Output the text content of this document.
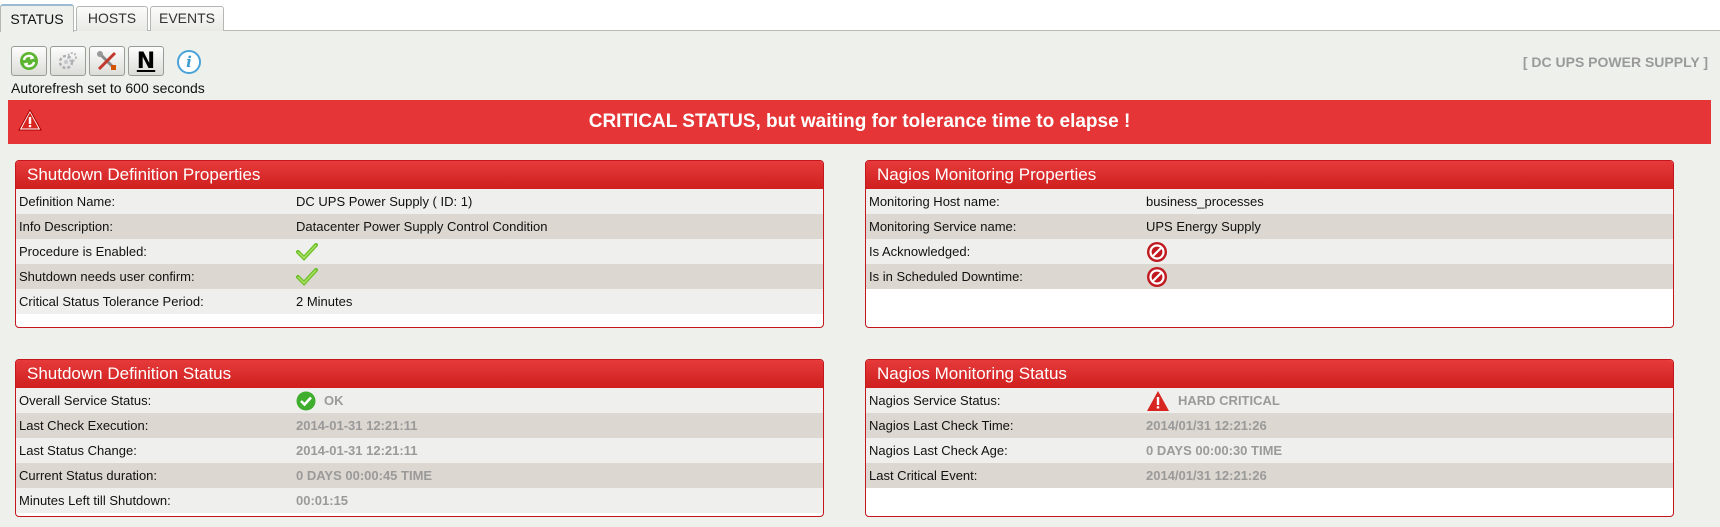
STATUS	HOSTS	EVENTS
N	i
Autorefresh set to 600 seconds
[ DC UPS POWER SUPPLY ]
CRITICAL STATUS, but waiting for tolerance time to elapse !
Shutdown Definition Properties
Definition Name:	DC UPS Power Supply ( ID: 1)
Info Description:	Datacenter Power Supply Control Condition
Procedure is Enabled:
Shutdown needs user confirm:
Critical Status Tolerance Period:	2 Minutes
Nagios Monitoring Properties
Monitoring Host name:	business_processes
Monitoring Service name:	UPS Energy Supply
Is Acknowledged:
Is in Scheduled Downtime:
Shutdown Definition Status
Overall Service Status:	OK
Last Check Execution:	2014-01-31 12:21:11
Last Status Change:	2014-01-31 12:21:11
Current Status duration:	0 DAYS 00:00:45 TIME
Minutes Left till Shutdown:	00:01:15
Nagios Monitoring Status
Nagios Service Status:	HARD CRITICAL
Nagios Last Check Time:	2014/01/31 12:21:26
Nagios Last Check Age:	0 DAYS 00:00:30 TIME
Last Critical Event:	2014/01/31 12:21:26
